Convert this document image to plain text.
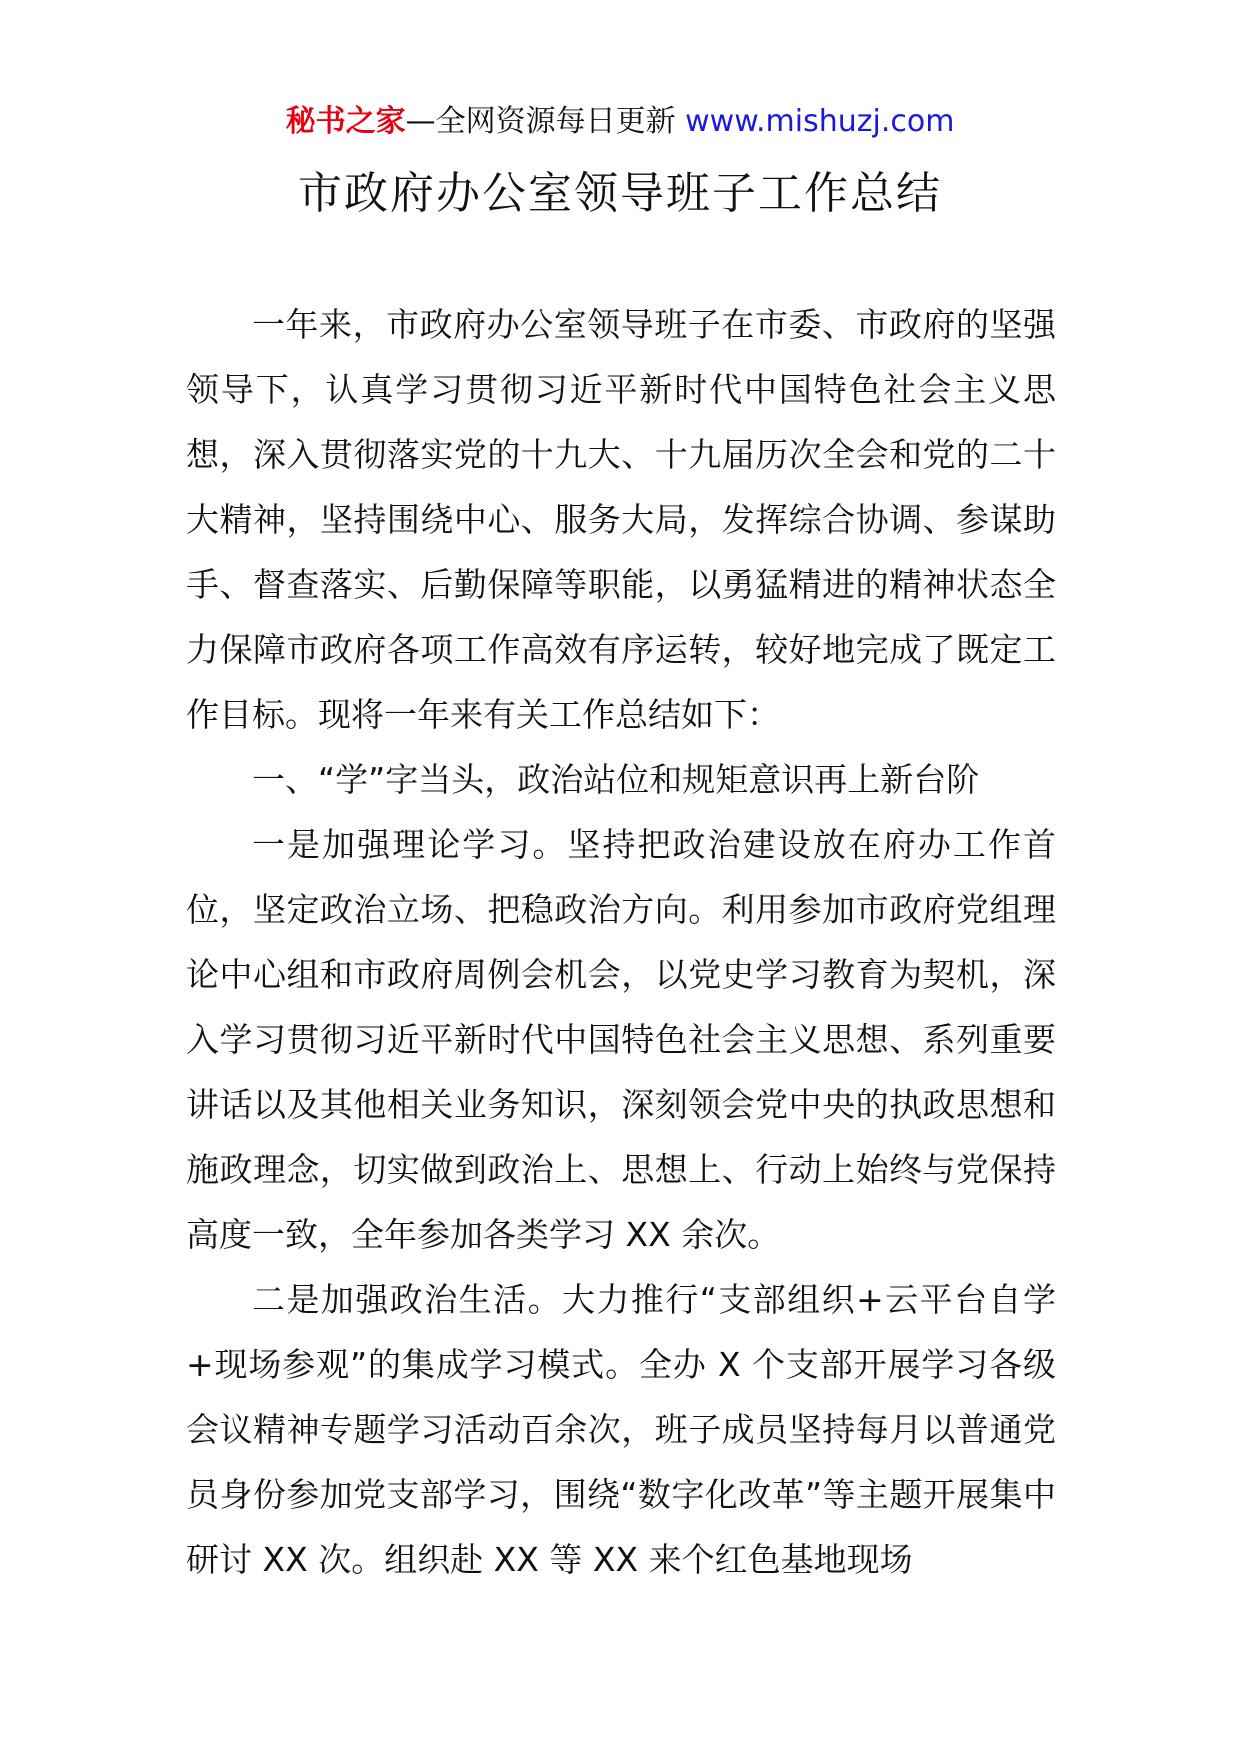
秘书之家—全网资源每日更新 www.mishuzj.com
市政府办公室领导班子工作总结

一年来，市政府办公室领导班子在市委、市政府的坚强领导下，认真学习贯彻习近平新时代中国特色社会主义思想，深入贯彻落实党的十九大、十九届历次全会和党的二十大精神，坚持围绕中心、服务大局，发挥综合协调、参谋助手、督查落实、后勤保障等职能，以勇猛精进的精神状态全力保障市政府各项工作高效有序运转，较好地完成了既定工作目标。现将一年来有关工作总结如下：

一、“学”字当头，政治站位和规矩意识再上新台阶

一是加强理论学习。坚持把政治建设放在府办工作首位，坚定政治立场、把稳政治方向。利用参加市政府党组理论中心组和市政府周例会机会，以党史学习教育为契机，深入学习贯彻习近平新时代中国特色社会主义思想、系列重要讲话以及其他相关业务知识，深刻领会党中央的执政思想和施政理念，切实做到政治上、思想上、行动上始终与党保持高度一致，全年参加各类学习 XX 余次。

二是加强政治生活。大力推行“支部组织+云平台自学+现场参观”的集成学习模式。全办 X 个支部开展学习各级会议精神专题学习活动百余次，班子成员坚持每月以普通党员身份参加党支部学习，围绕“数字化改革”等主题开展集中研讨 XX 次。组织赴 XX 等 XX 来个红色基地现场
